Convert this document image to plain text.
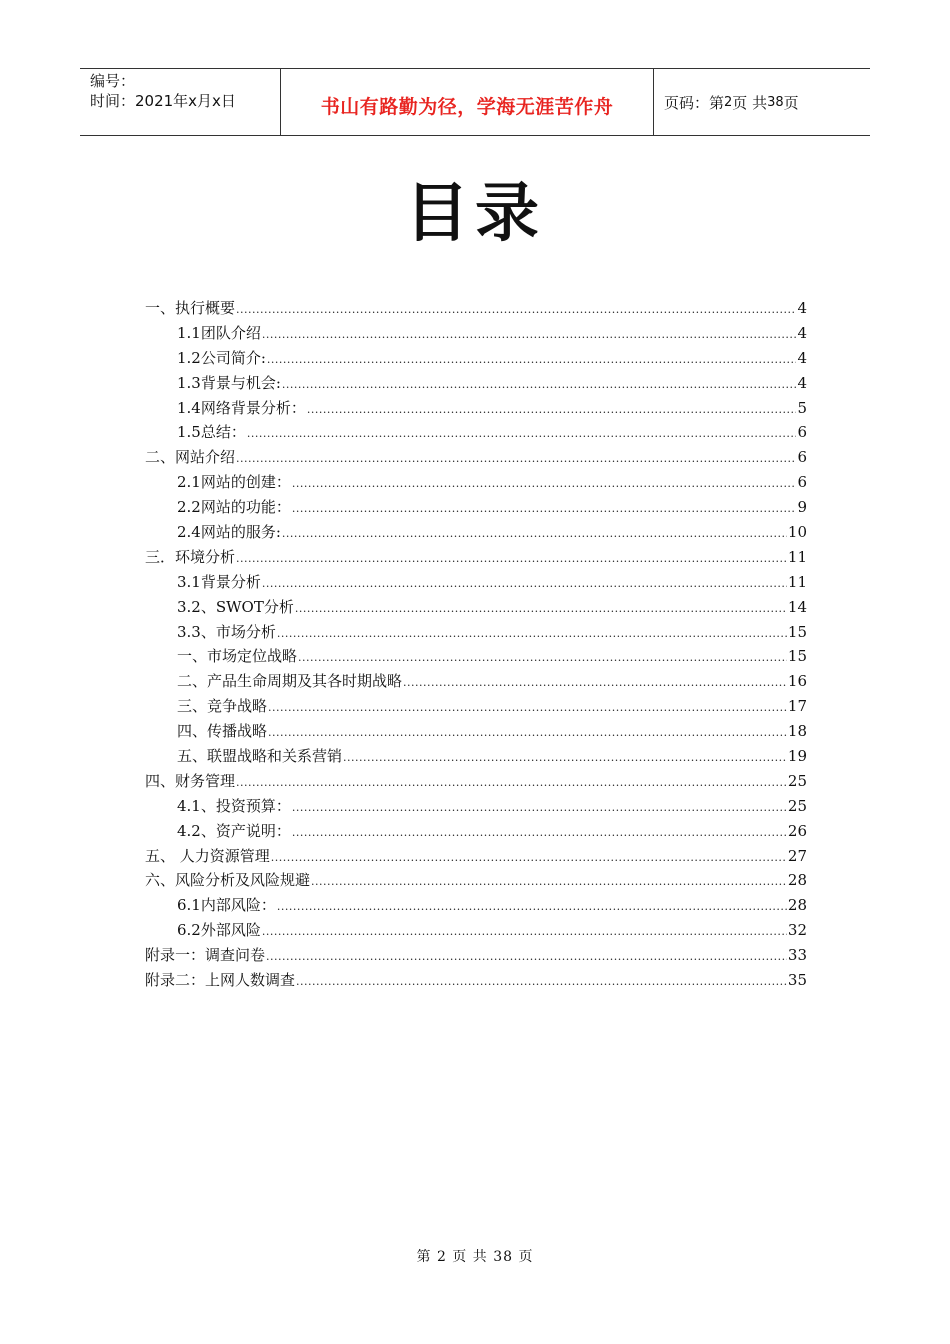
编号：
时间：2021年x月x日	书山有路勤为径，学海无涯苦作舟	页码：第 2 页 共 38 页
目录
一、执行概要 .....	4
1.1团队介绍 .....	4
1.2公司简介: .....	4
1.3背景与机会: .....	4
1.4网络背景分析： .....	5
1.5总结： .....	6
二、网站介绍 .....	6
2.1网站的创建： .....	6
2.2网站的功能： .....	9
2.4网站的服务: .....	10
三．环境分析 .....	11
3.1背景分析 .....	11
3.2、SWOT分析 .....	14
3.3、市场分析 .....	15
一、市场定位战略 .....	15
二、产品生命周期及其各时期战略 .....	16
三、竞争战略 .....	17
四、传播战略 .....	18
五、联盟战略和关系营销 .....	19
四、财务管理 .....	25
4.1、投资预算： .....	25
4.2、资产说明： .....	26
五、 人力资源管理 .....	27
六、风险分析及风险规避 .....	28
6.1内部风险： .....	28
6.2外部风险 .....	32
附录一：调查问卷 .....	33
附录二：上网人数调查 .....	35
第 2 页 共 38 页
